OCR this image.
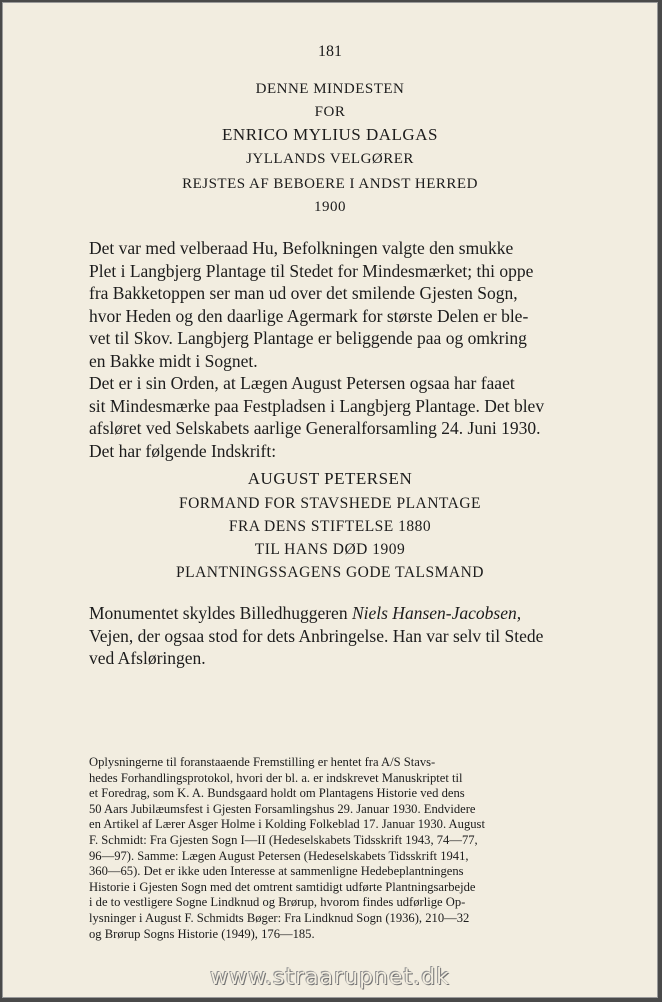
181
DENNE MINDESTEN
FOR
ENRICO MYLIUS DALGAS
JYLLANDS VELGØRER
REJSTES AF BEBOERE I ANDST HERRED
1900
Det var med velberaad Hu, Befolkningen valgte den smukke
Plet i Langbjerg Plantage til Stedet for Mindesmærket; thi oppe
fra Bakketoppen ser man ud over det smilende Gjesten Sogn,
hvor Heden og den daarlige Agermark for største Delen er ble-
vet til Skov. Langbjerg Plantage er beliggende paa og omkring
en Bakke midt i Sognet.
Det er i sin Orden, at Lægen August Petersen ogsaa har faaet
sit Mindesmærke paa Festpladsen i Langbjerg Plantage. Det blev
afsløret ved Selskabets aarlige Generalforsamling 24. Juni 1930.
Det har følgende Indskrift:
AUGUST PETERSEN
FORMAND FOR STAVSHEDE PLANTAGE
FRA DENS STIFTELSE 1880
TIL HANS DØD 1909
PLANTNINGSSAGENS GODE TALSMAND
Monumentet skyldes Billedhuggeren Niels Hansen-Jacobsen,
Vejen, der ogsaa stod for dets Anbringelse. Han var selv til Stede
ved Afsløringen.
Oplysningerne til foranstaaende Fremstilling er hentet fra A/S Stavs-
hedes Forhandlingsprotokol, hvori der bl. a. er indskrevet Manuskriptet til
et Foredrag, som K. A. Bundsgaard holdt om Plantagens Historie ved dens
50 Aars Jubilæumsfest i Gjesten Forsamlingshus 29. Januar 1930. Endvidere
en Artikel af Lærer Asger Holme i Kolding Folkeblad 17. Januar 1930. August
F. Schmidt: Fra Gjesten Sogn I—II (Hedeselskabets Tidsskrift 1943, 74—77,
96—97). Samme: Lægen August Petersen (Hedeselskabets Tidsskrift 1941,
360—65). Det er ikke uden Interesse at sammenligne Hedebeplantningens
Historie i Gjesten Sogn med det omtrent samtidigt udførte Plantningsarbejde
i de to vestligere Sogne Lindknud og Brørup, hvorom findes udførlige Op-
lysninger i August F. Schmidts Bøger: Fra Lindknud Sogn (1936), 210—32
og Brørup Sogns Historie (1949), 176—185.
www.straarupnet.dk
